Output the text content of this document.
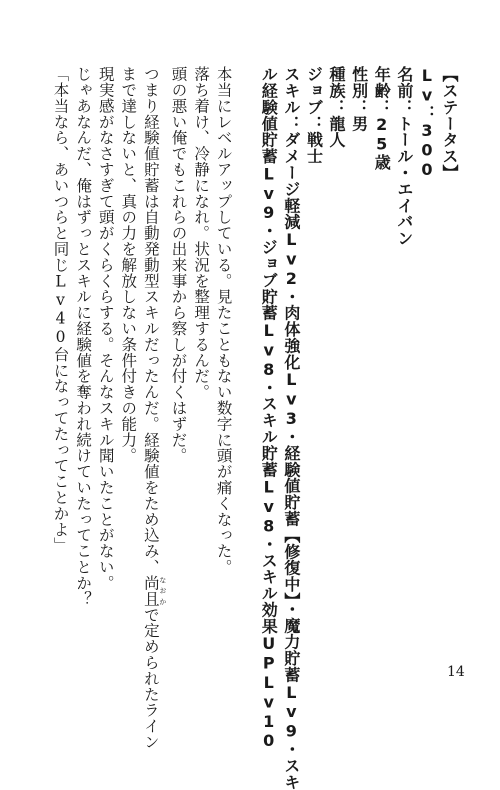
【ステータス】
Lv：300
名前：トール・エイバン
年齢：25歳
性別：男
種族：龍人
ジョブ：戦士
スキル：ダメージ軽減Lv2・肉体強化Lv3・経験値貯蓄【修復中】・魔力貯蓄Lv9・スキ
ル経験値貯蓄Lv9・ジョブ貯蓄Lv8・スキル貯蓄Lv8・スキル効果UPLv10
本当にレベルアップしている。見たこともない数字に頭が痛くなった。
落ち着け、冷静になれ。状況を整理するんだ。
頭の悪い俺でもこれらの出来事から察しが付くはずだ。
つまり経験値貯蓄は自動発動型スキルだったんだ。経験値をため込み、尚且 なおかで定められたライン
まで達しないと、真の力を解放しない条件付きの能力。
現実感がなさすぎて頭がくらくらする。そんなスキル聞いたことがない。
じゃあなんだ、俺はずっとスキルに経験値を奪われ続けていたってことか？
「本当なら、あいつらと同じLv40台になってたってことかよ」
14
